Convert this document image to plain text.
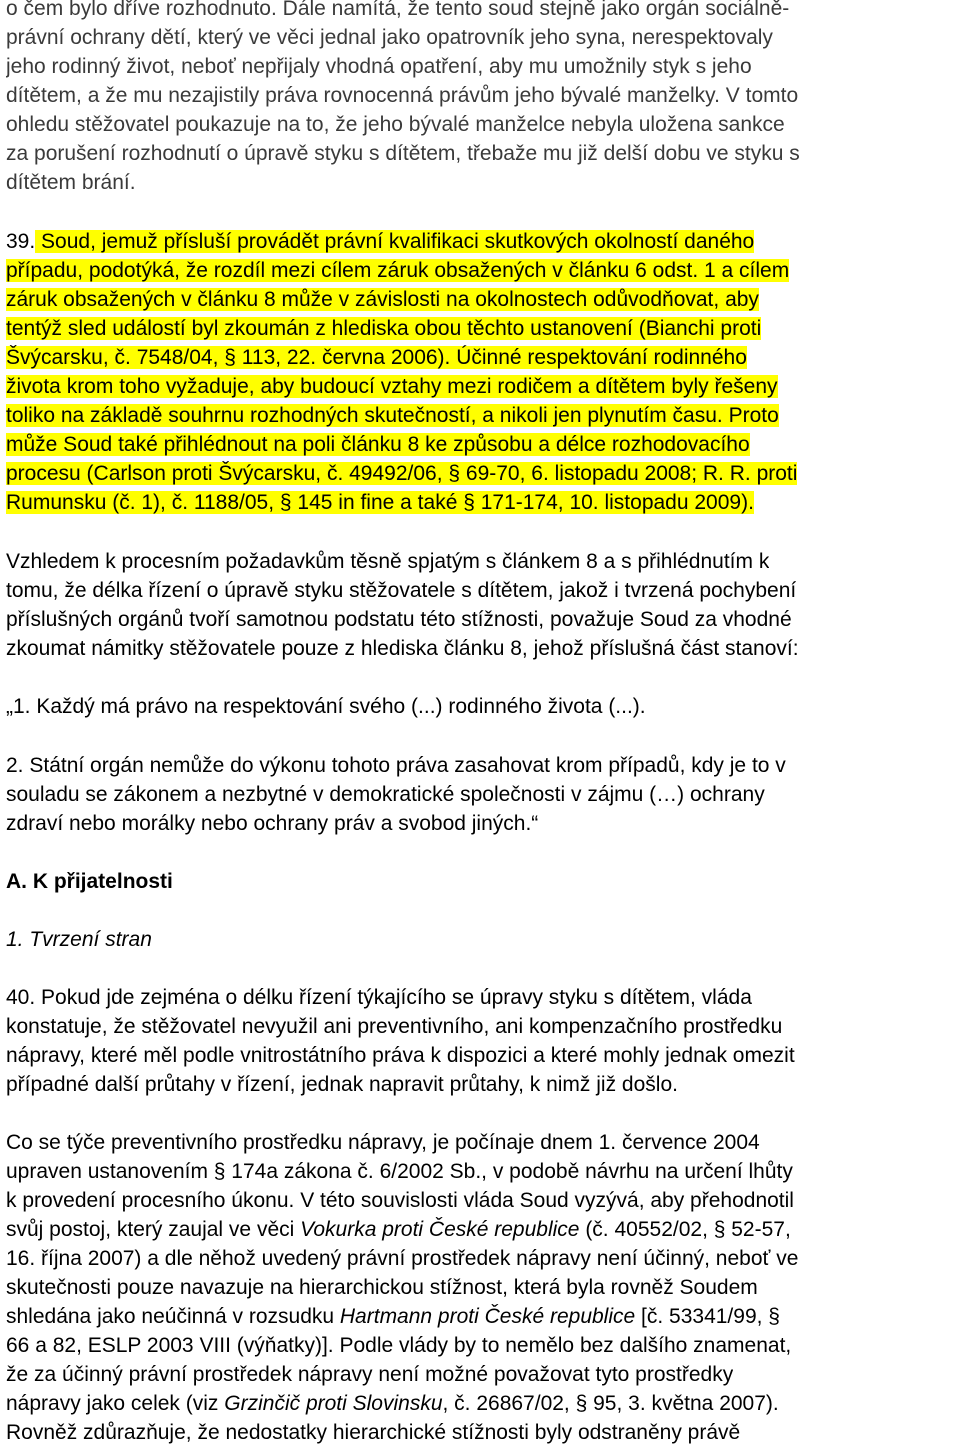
o čem bylo dříve rozhodnuto. Dále namítá, že tento soud stejně jako orgán sociálně-
právní ochrany dětí, který ve věci jednal jako opatrovník jeho syna, nerespektovaly
jeho rodinný život, neboť nepřijaly vhodná opatření, aby mu umožnily styk s jeho
dítětem, a že mu nezajistily práva rovnocenná právům jeho bývalé manželky. V tomto
ohledu stěžovatel poukazuje na to, že jeho bývalé manželce nebyla uložena sankce
za porušení rozhodnutí o úpravě styku s dítětem, třebaže mu již delší dobu ve styku s
dítětem brání.
39. Soud, jemuž přísluší provádět právní kvalifikaci skutkových okolností daného
případu, podotýká, že rozdíl mezi cílem záruk obsažených v článku 6 odst. 1 a cílem
záruk obsažených v článku 8 může v závislosti na okolnostech odůvodňovat, aby
tentýž sled událostí byl zkoumán z hlediska obou těchto ustanovení (Bianchi proti
Švýcarsku, č. 7548/04, § 113, 22. června 2006). Účinné respektování rodinného
života krom toho vyžaduje, aby budoucí vztahy mezi rodičem a dítětem byly řešeny
toliko na základě souhrnu rozhodných skutečností, a nikoli jen plynutím času. Proto
může Soud také přihlédnout na poli článku 8 ke způsobu a délce rozhodovacího
procesu (Carlson proti Švýcarsku, č. 49492/06, § 69-70, 6. listopadu 2008; R. R. proti
Rumunsku (č. 1), č. 1188/05, § 145 in fine a také § 171-174, 10. listopadu 2009).
Vzhledem k procesním požadavkům těsně spjatým s článkem 8 a s přihlédnutím k
tomu, že délka řízení o úpravě styku stěžovatele s dítětem, jakož i tvrzená pochybení
příslušných orgánů tvoří samotnou podstatu této stížnosti, považuje Soud za vhodné
zkoumat námitky stěžovatele pouze z hlediska článku 8, jehož příslušná část stanoví:
„1. Každý má právo na respektování svého (...) rodinného života (...).
2. Státní orgán nemůže do výkonu tohoto práva zasahovat krom případů, kdy je to v
souladu se zákonem a nezbytné v demokratické společnosti v zájmu (…) ochrany
zdraví nebo morálky nebo ochrany práv a svobod jiných.“
A. K přijatelnosti
1. Tvrzení stran
40. Pokud jde zejména o délku řízení týkajícího se úpravy styku s dítětem, vláda
konstatuje, že stěžovatel nevyužil ani preventivního, ani kompenzačního prostředku
nápravy, které měl podle vnitrostátního práva k dispozici a které mohly jednak omezit
případné další průtahy v řízení, jednak napravit průtahy, k nimž již došlo.
Co se týče preventivního prostředku nápravy, je počínaje dnem 1. července 2004
upraven ustanovením § 174a zákona č. 6/2002 Sb., v podobě návrhu na určení lhůty
k provedení procesního úkonu. V této souvislosti vláda Soud vyzývá, aby přehodnotil
svůj postoj, který zaujal ve věci Vokurka proti České republice (č. 40552/02, § 52-57,
16. října 2007) a dle něhož uvedený právní prostředek nápravy není účinný, neboť ve
skutečnosti pouze navazuje na hierarchickou stížnost, která byla rovněž Soudem
shledána jako neúčinná v rozsudku Hartmann proti České republice [č. 53341/99, §
66 a 82, ESLP 2003 VIII (výňatky)]. Podle vlády by to nemělo bez dalšího znamenat,
že za účinný právní prostředek nápravy není možné považovat tyto prostředky
nápravy jako celek (viz Grzinčič proti Slovinsku, č. 26867/02, § 95, 3. května 2007).
Rovněž zdůrazňuje, že nedostatky hierarchické stížnosti byly odstraněny právě
